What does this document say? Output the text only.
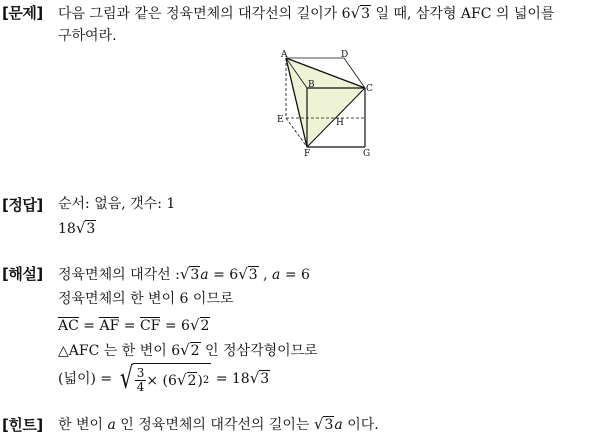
[문제] 다음 그림과 같은 정육면체의 대각선의 길이가 6√3 일 때, 삼각형 AFC 의 넓이를
구하여라.
A	D
B	C
E	H
F	G
[정답] 순서: 없음, 갯수: 1
18√3
[해설] 정육면체의 대각선 :√3a = 6√3 , a = 6
정육면체의 한 변이 6 이므로
AC = AF = CF = 6√2
△AFC 는 한 변이 6√2 인 정삼각형이므로
(넓이) = √ $\frac{3}{4} \times (6$ √2 ) 2 = 18√3
[힌트] 한 변이 a 인 정육면체의 대각선의 길이는 √3a 이다.
